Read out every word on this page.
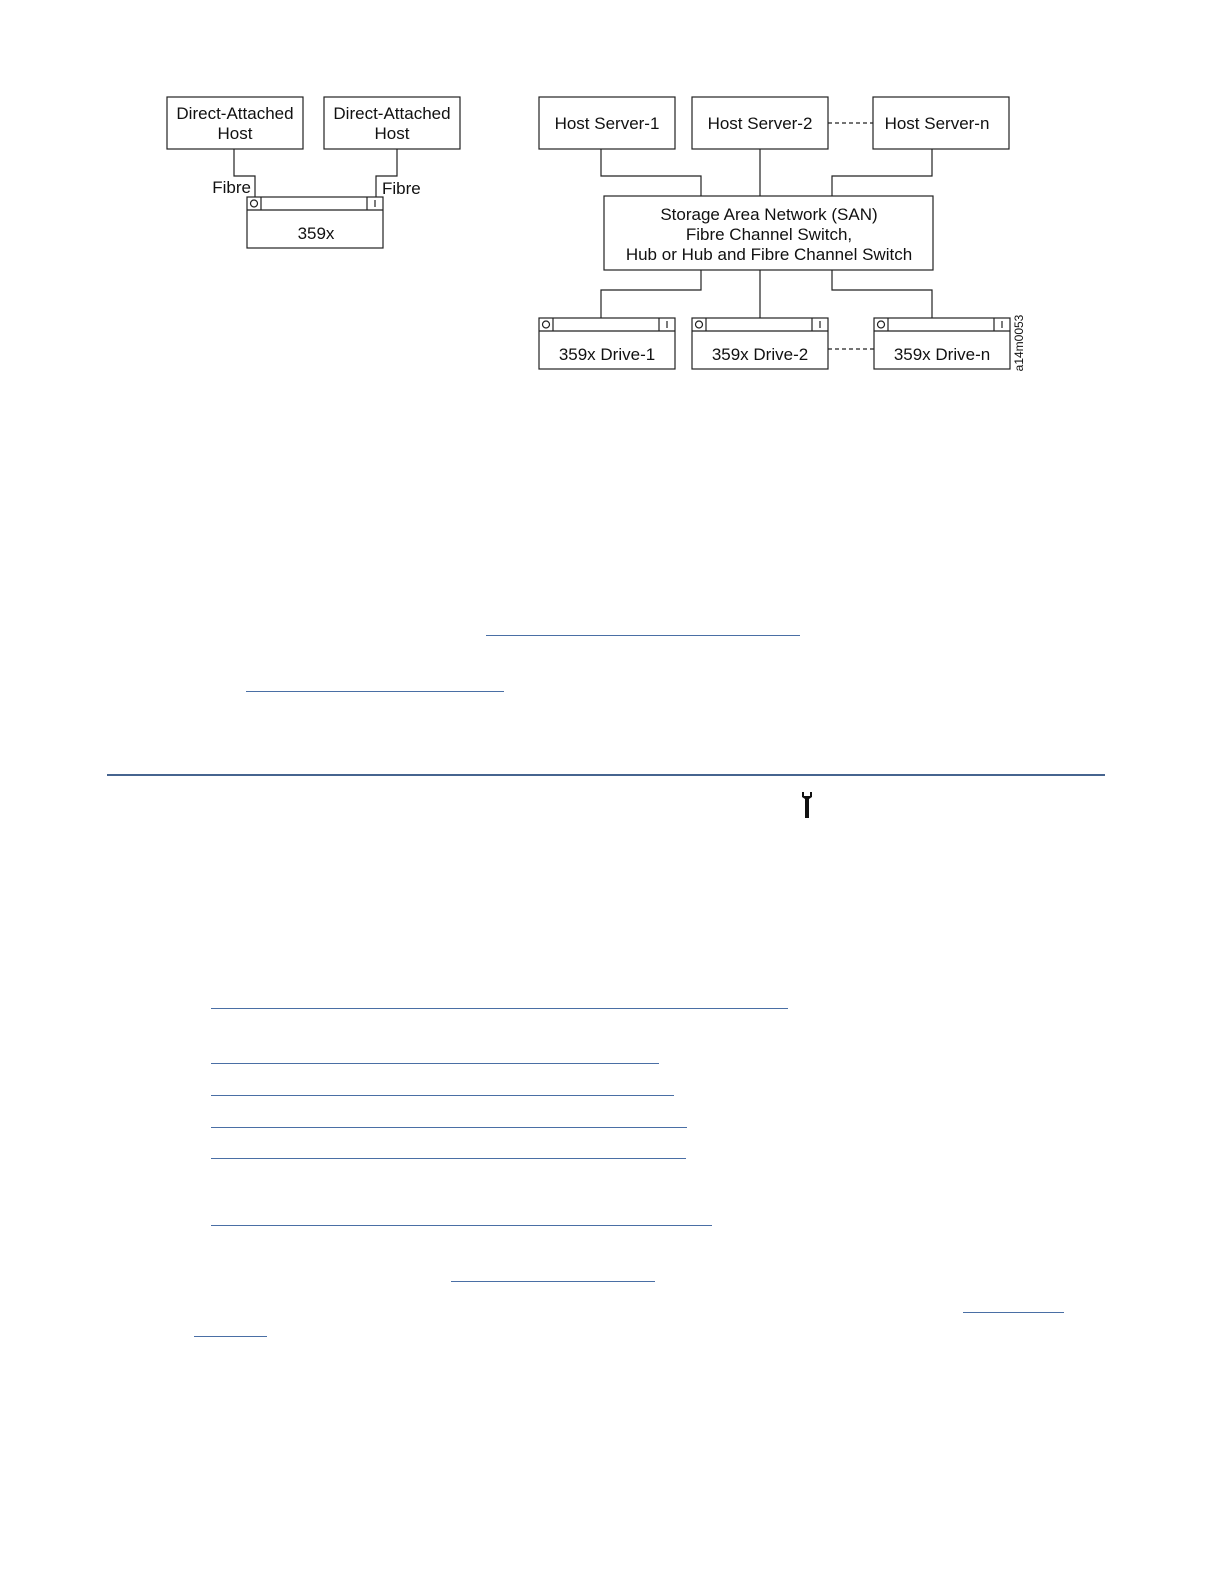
Direct-Attached
Host
Direct-Attached
Host
Fibre	Fibre
359x
Host Server-1	Host Server-2	Host Server-n
Storage Area Network (SAN)
Fibre Channel Switch,
Hub or Hub and Fibre Channel Switch
359x Drive-1	359x Drive-2	359x Drive-n a14m0053
